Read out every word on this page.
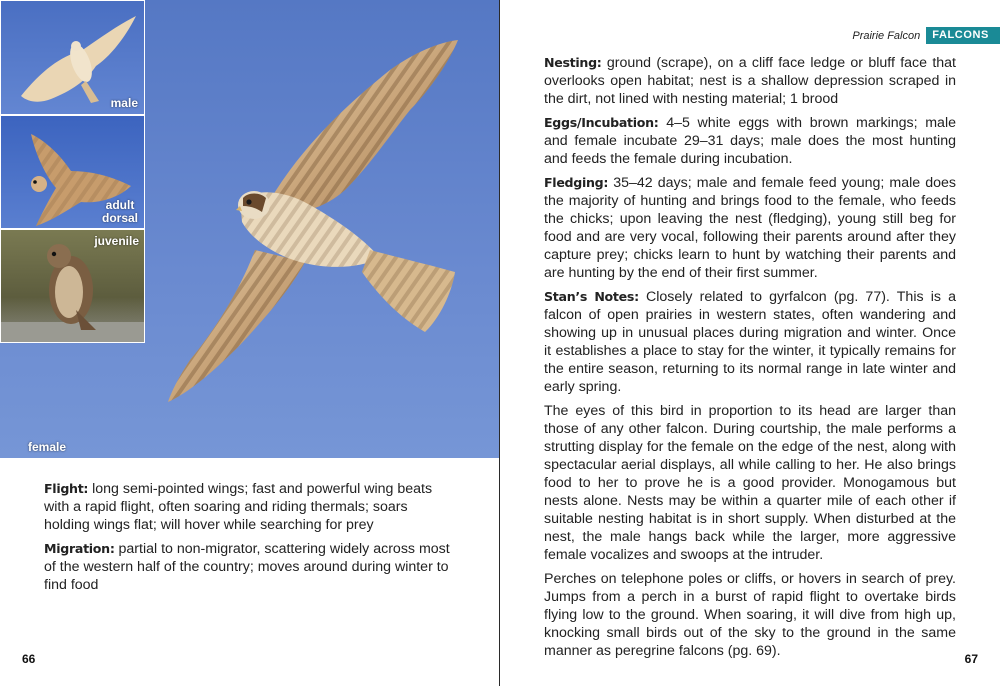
male
adult
dorsal
juvenile
female

Flight: long semi-pointed wings; fast and powerful wing beats with a rapid flight, often soaring and riding thermals; soars holding wings flat; will hover while searching for prey

Migration: partial to non-migrator, scattering widely across most of the western half of the country; moves around during winter to find food

66
Prairie Falcon	FALCONS

Nesting: ground (scrape), on a cliff face ledge or bluff face that overlooks open habitat; nest is a shallow depression scraped in the dirt, not lined with nesting material; 1 brood

Eggs/Incubation: 4–5 white eggs with brown markings; male and female incubate 29–31 days; male does the most hunting and feeds the female during incubation.

Fledging: 35–42 days; male and female feed young; male does the majority of hunting and brings food to the female, who feeds the chicks; upon leaving the nest (fledging), young still beg for food and are very vocal, following their parents around after they capture prey; chicks learn to hunt by watching their parents and are hunting by the end of their first summer.

Stan’s Notes: Closely related to gyrfalcon (pg. 77). This is a falcon of open prairies in western states, often wandering and showing up in unusual places during migration and winter. Once it establishes a place to stay for the winter, it typically remains for the entire season, returning to its normal range in late winter and early spring.

The eyes of this bird in proportion to its head are larger than those of any other falcon. During courtship, the male performs a strutting display for the female on the edge of the nest, along with spectacular aerial displays, all while calling to her. He also brings food to her to prove he is a good provider. Monogamous but nests alone. Nests may be within a quarter mile of each other if suitable nesting habitat is in short supply. When disturbed at the nest, the male hangs back while the larger, more aggressive female vocalizes and swoops at the intruder.

Perches on telephone poles or cliffs, or hovers in search of prey. Jumps from a perch in a burst of rapid flight to overtake birds flying low to the ground. When soaring, it will dive from high up, knocking small birds out of the sky to the ground in the same manner as peregrine falcons (pg. 69).	67
